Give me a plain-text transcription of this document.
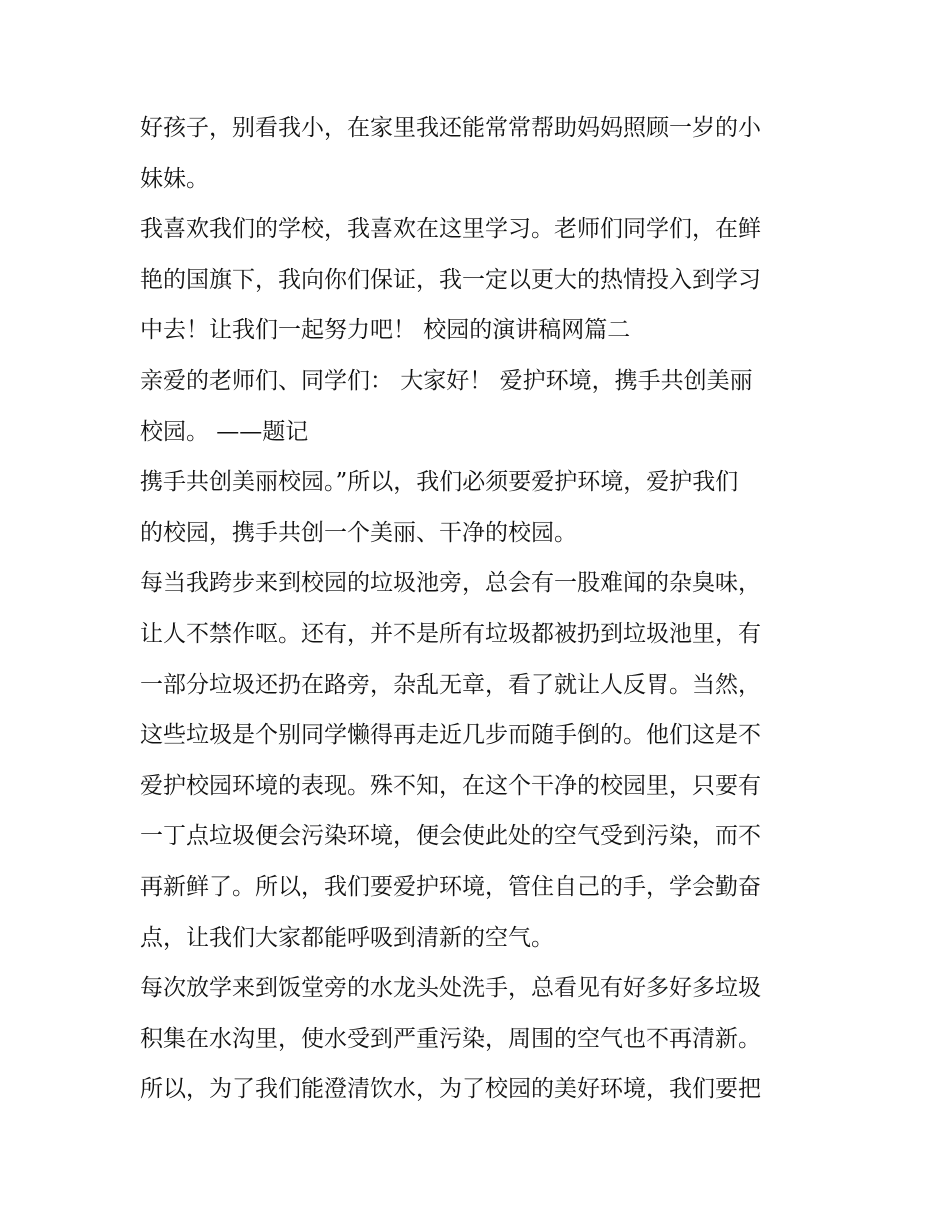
好孩子，别看我小，在家里我还能常常帮助妈妈照顾一岁的小
妹妹。
我喜欢我们的学校，我喜欢在这里学习。老师们同学们，在鲜
艳的国旗下，我向你们保证，我一定以更大的热情投入到学习
中去！让我们一起努力吧！ 校园的演讲稿网篇二
亲爱的老师们、同学们： 大家好！ 爱护环境，携手共创美丽
校园。 ——题记
携手共创美丽校园。”所以，我们必须要爱护环境，爱护我们
的校园，携手共创一个美丽、干净的校园。
每当我跨步来到校园的垃圾池旁，总会有一股难闻的杂臭味，
让人不禁作呕。还有，并不是所有垃圾都被扔到垃圾池里，有
一部分垃圾还扔在路旁，杂乱无章，看了就让人反胃。当然，
这些垃圾是个别同学懒得再走近几步而随手倒的。他们这是不
爱护校园环境的表现。殊不知，在这个干净的校园里，只要有
一丁点垃圾便会污染环境，便会使此处的空气受到污染，而不
再新鲜了。所以，我们要爱护环境，管住自己的手，学会勤奋
点，让我们大家都能呼吸到清新的空气。
每次放学来到饭堂旁的水龙头处洗手，总看见有好多好多垃圾
积集在水沟里，使水受到严重污染，周围的空气也不再清新。
所以，为了我们能澄清饮水，为了校园的美好环境，我们要把
